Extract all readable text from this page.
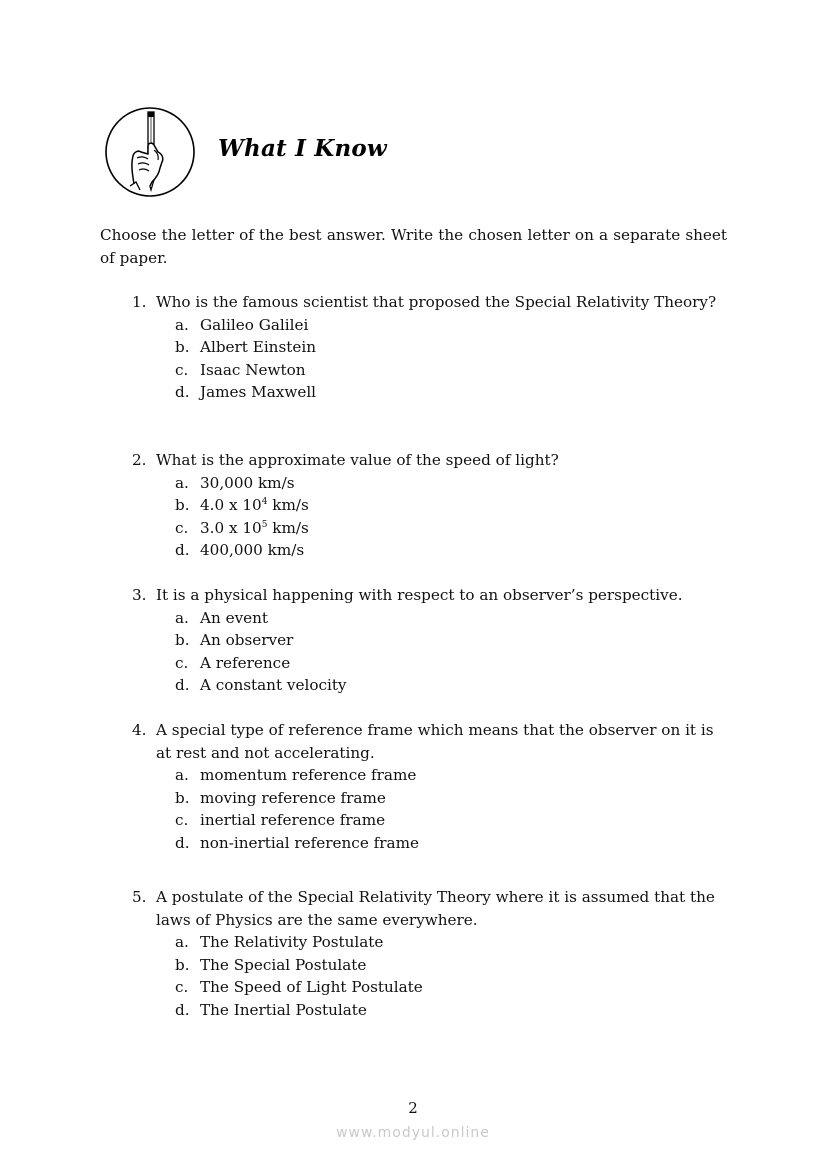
What I Know

Choose the letter of the best answer. Write the chosen letter on a separate sheet of paper.

1. Who is the famous scientist that proposed the Special Relativity Theory?
a. Galileo Galilei
b. Albert Einstein
c. Isaac Newton
d. James Maxwell
2. What is the approximate value of the speed of light?
a. 30,000 km/s
b. 4.0 x $10^4$ km/s
c. 3.0 x $10^5$ km/s
d. 400,000 km/s
3. It is a physical happening with respect to an observer’s perspective.
a. An event
b. An observer
c. A reference
d. A constant velocity
4. A special type of reference frame which means that the observer on it is at rest and not accelerating.
a. momentum reference frame
b. moving reference frame
c. inertial reference frame
d. non-inertial reference frame
5. A postulate of the Special Relativity Theory where it is assumed that the laws of Physics are the same everywhere.
a. The Relativity Postulate
b. The Special Postulate
c. The Speed of Light Postulate
d. The Inertial Postulate
2
www.modyul.online
